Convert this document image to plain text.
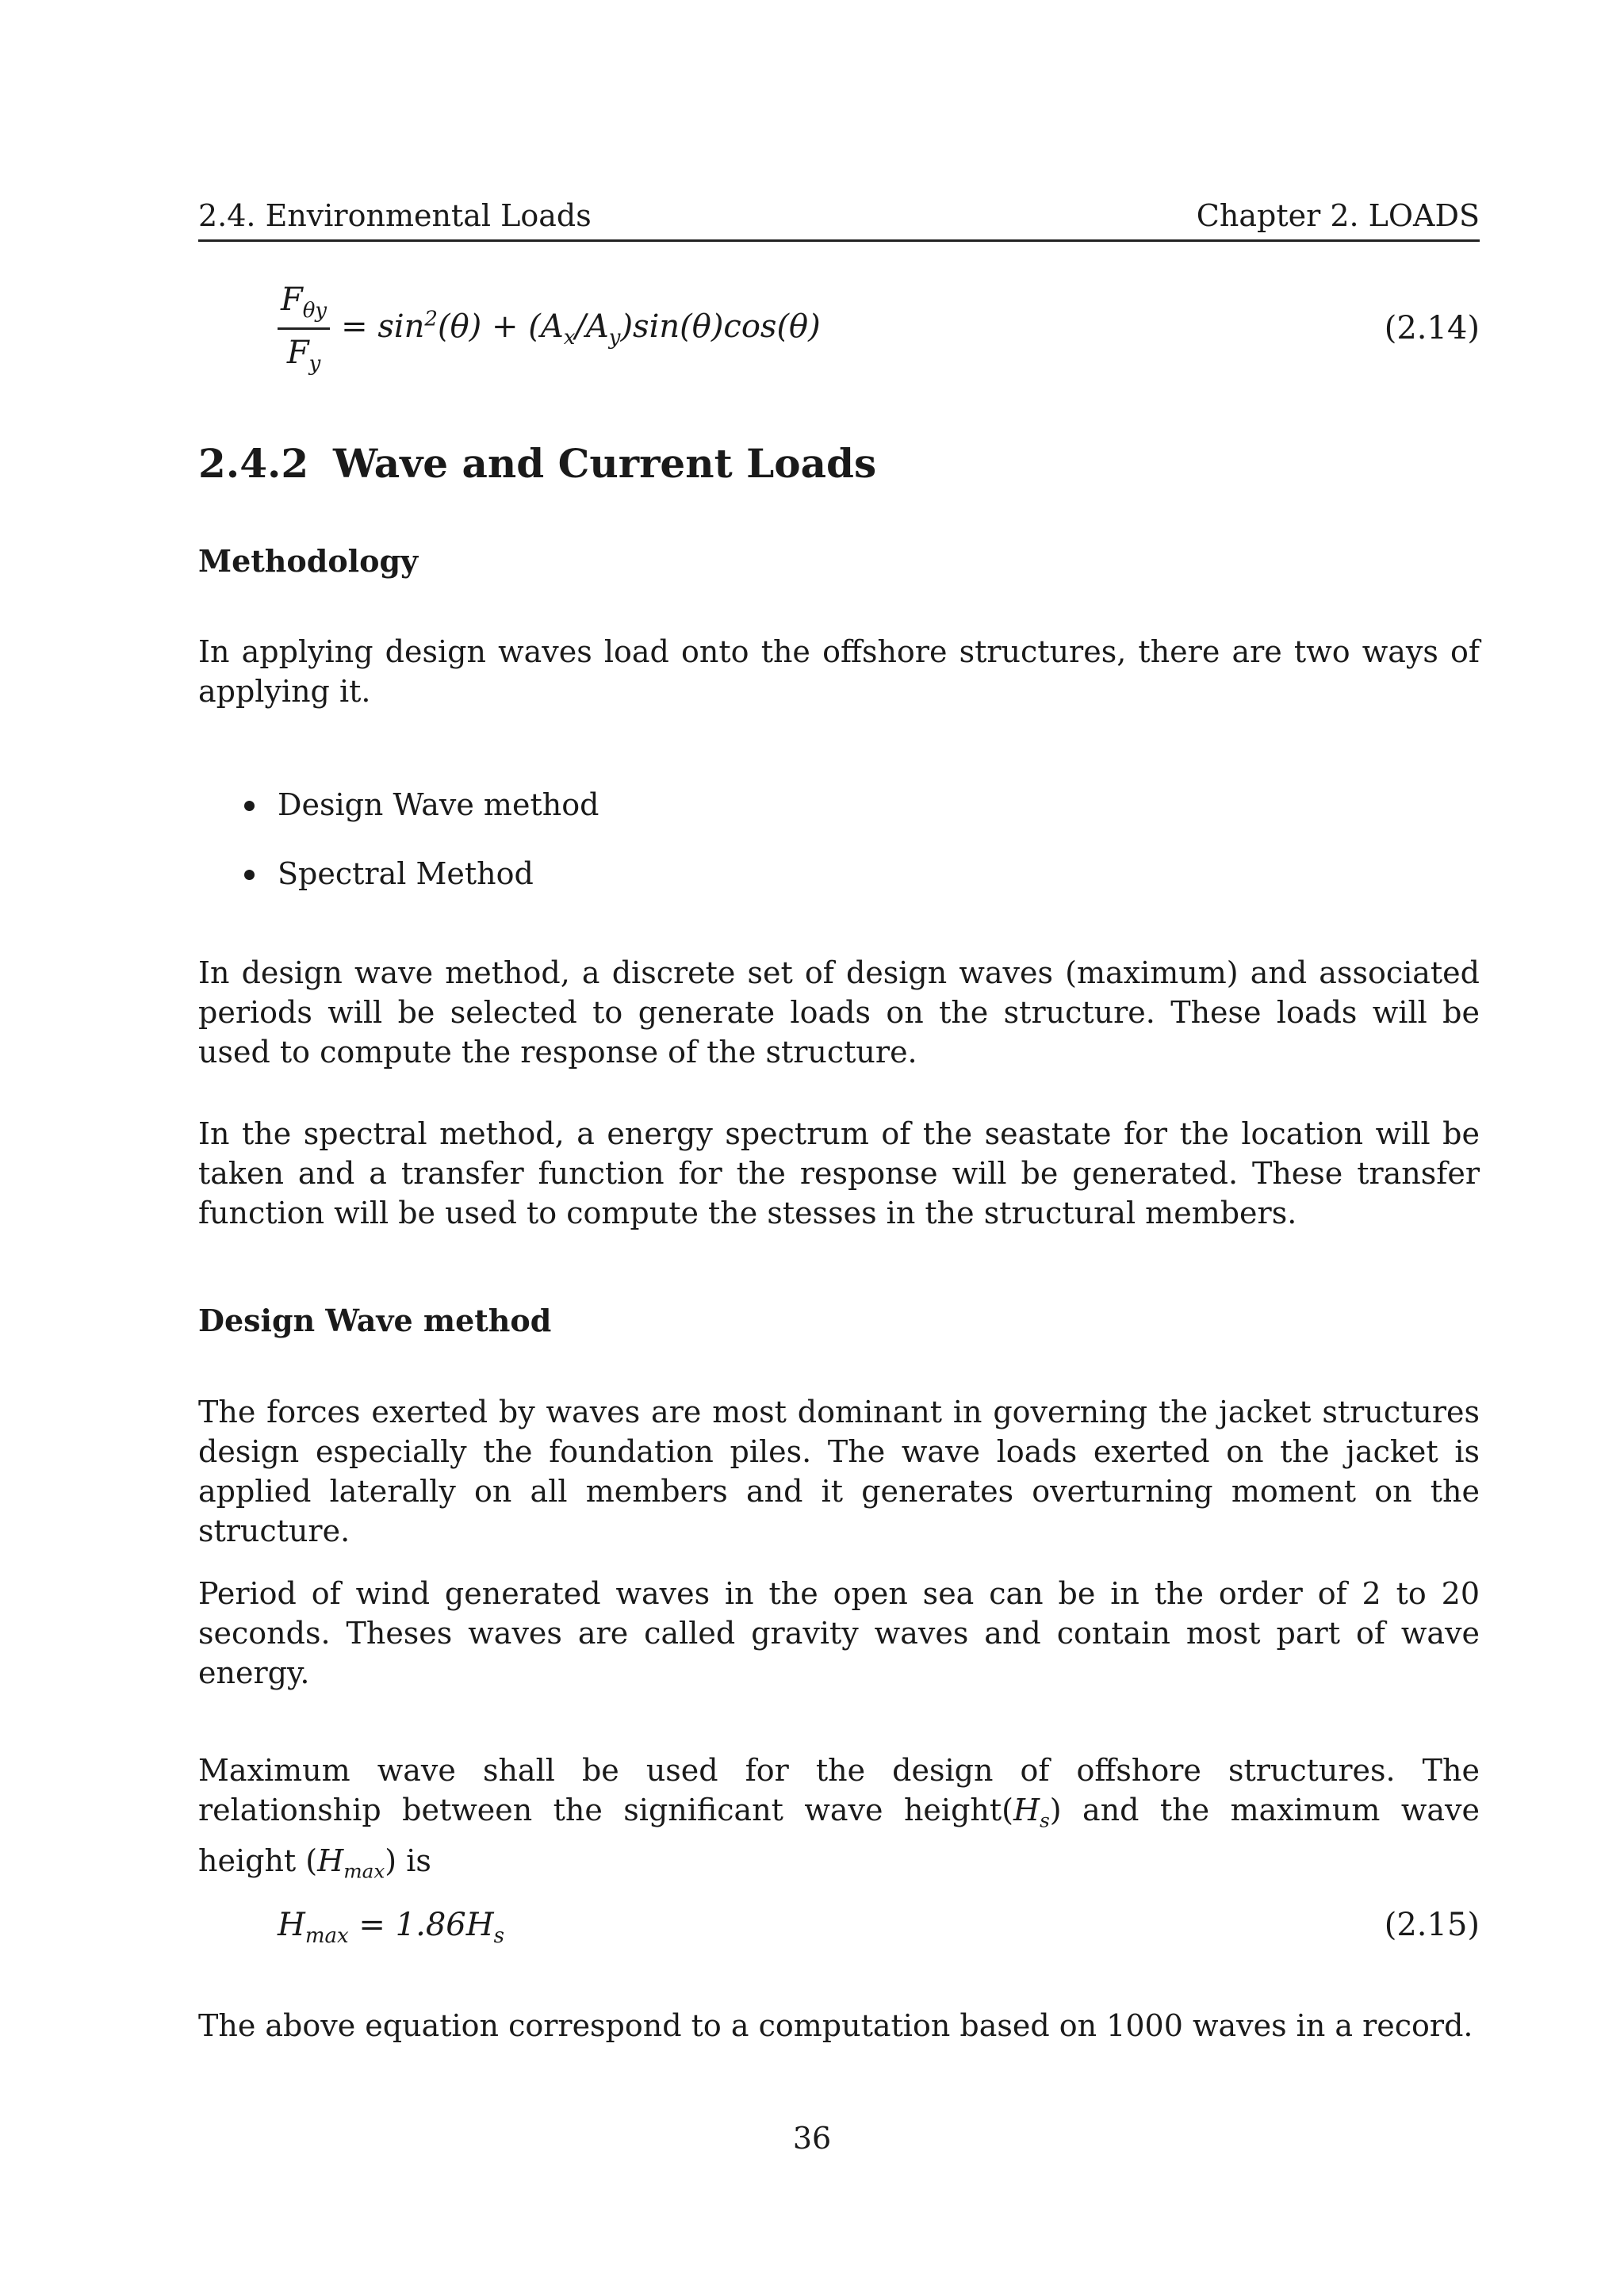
2.4. Environmental Loads	Chapter 2. LOADS
$\frac{F_{\theta y}}{F_y} = \sin^2(\theta) + (A_x/A_y)\sin(\theta)\cos(\theta)$	(2.14)
2.4.2 Wave and Current Loads
Methodology
In applying design waves load onto the offshore structures, there are two ways of applying it.
Design Wave method
Spectral Method
In design wave method, a discrete set of design waves (maximum) and associated periods will be selected to generate loads on the structure. These loads will be used to compute the response of the structure.
In the spectral method, a energy spectrum of the seastate for the location will be taken and a transfer function for the response will be generated. These transfer function will be used to compute the stesses in the structural members.
Design Wave method
The forces exerted by waves are most dominant in governing the jacket structures design especially the foundation piles. The wave loads exerted on the jacket is applied laterally on all members and it generates overturning moment on the structure.
Period of wind generated waves in the open sea can be in the order of 2 to 20 seconds. Theses waves are called gravity waves and contain most part of wave energy.
Maximum wave shall be used for the design of offshore structures. The relationship between the significant wave $height(H_s)$ and the maximum wave height $(H_{max})$ is
$H_{max} = 1.86H_s$	(2.15)
The above equation correspond to a computation based on 1000 waves in a record.
36
